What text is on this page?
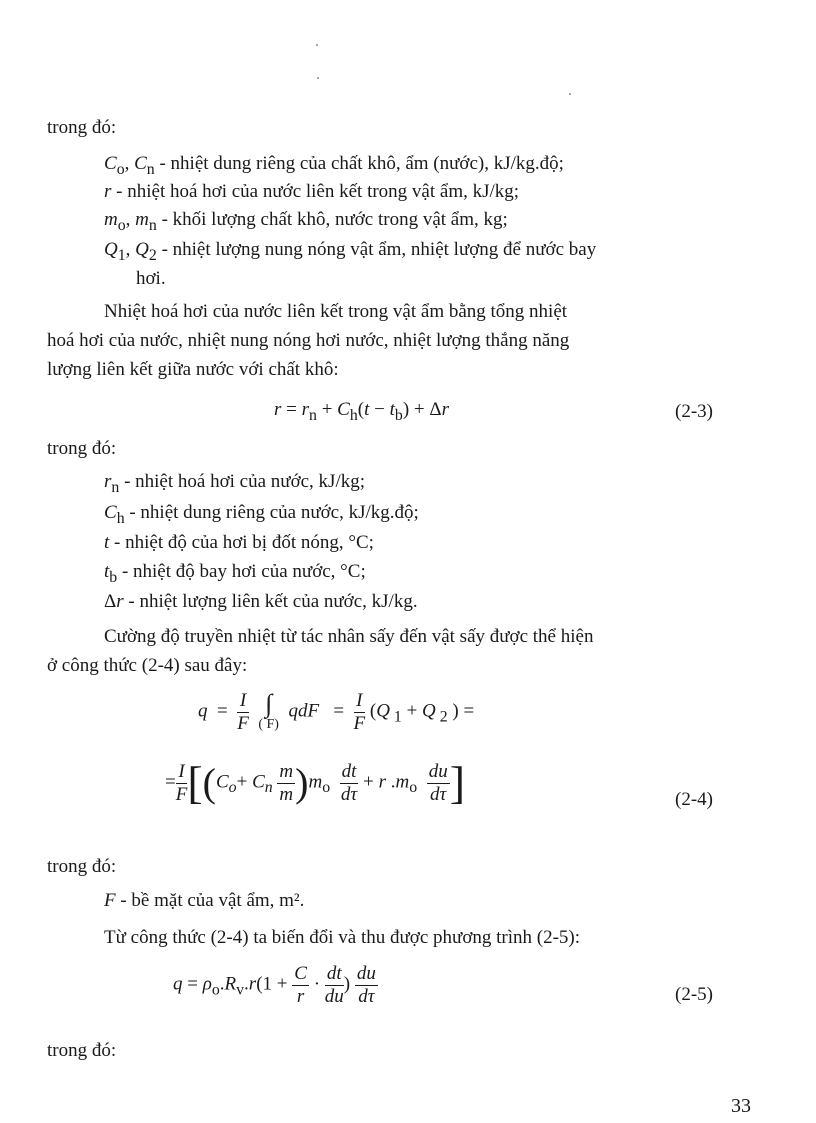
trong đó:
$C_o$, $C_n$ - nhiệt dung riêng của chất khô, ẩm (nước), kJ/kg.độ;
r - nhiệt hoá hơi của nước liên kết trong vật ẩm, kJ/kg;
$m_o$, $m_n$ - khối lượng chất khô, nước trong vật ẩm, kg;
$Q_1$, $Q_2$ - nhiệt lượng nung nóng vật ẩm, nhiệt lượng để nước bay
hơi.
Nhiệt hoá hơi của nước liên kết trong vật ẩm bằng tổng nhiệt
hoá hơi của nước, nhiệt nung nóng hơi nước, nhiệt lượng thắng năng
lượng liên kết giữa nước với chất khô:
$r = r_n + C_h(t - t_b) + \Delta r$	(2-3)
trong đó:
$r_n$ - nhiệt hoá hơi của nước, kJ/kg;
$C_h$ - nhiệt dung riêng của nước, kJ/kg.độ;
t - nhiệt độ của hơi bị đốt nóng, °C;
$t_b$ - nhiệt độ bay hơi của nước, °C;
Δr - nhiệt lượng liên kết của nước, kJ/kg.
Cường độ truyền nhiệt từ tác nhân sấy đến vật sấy được thể hiện
ở công thức (2-4) sau đây:
$q = \frac{I}{F}$
∫
( F)
qdF   = $\frac{I}{F} (Q$ $_1$ + Q $_2$ ) =
= $\frac{I}{F} [(C_o+ C_n \frac{m}{m} )m_o \frac{dt}{d\tau} + r$ $.m_o \frac{du}{d\tau}$ ]	(2-4)
trong đó:
F - bề mặt của vật ẩm, m².
Từ công thức (2-4) ta biến đổi và thu được phương trình (2-5):
$q = \rho_o.R_v.r(1 + \frac{C}{r} \cdot \frac{dt}{du}$ ) $\frac{du}{d\tau}$	(2-5)
trong đó:
33
